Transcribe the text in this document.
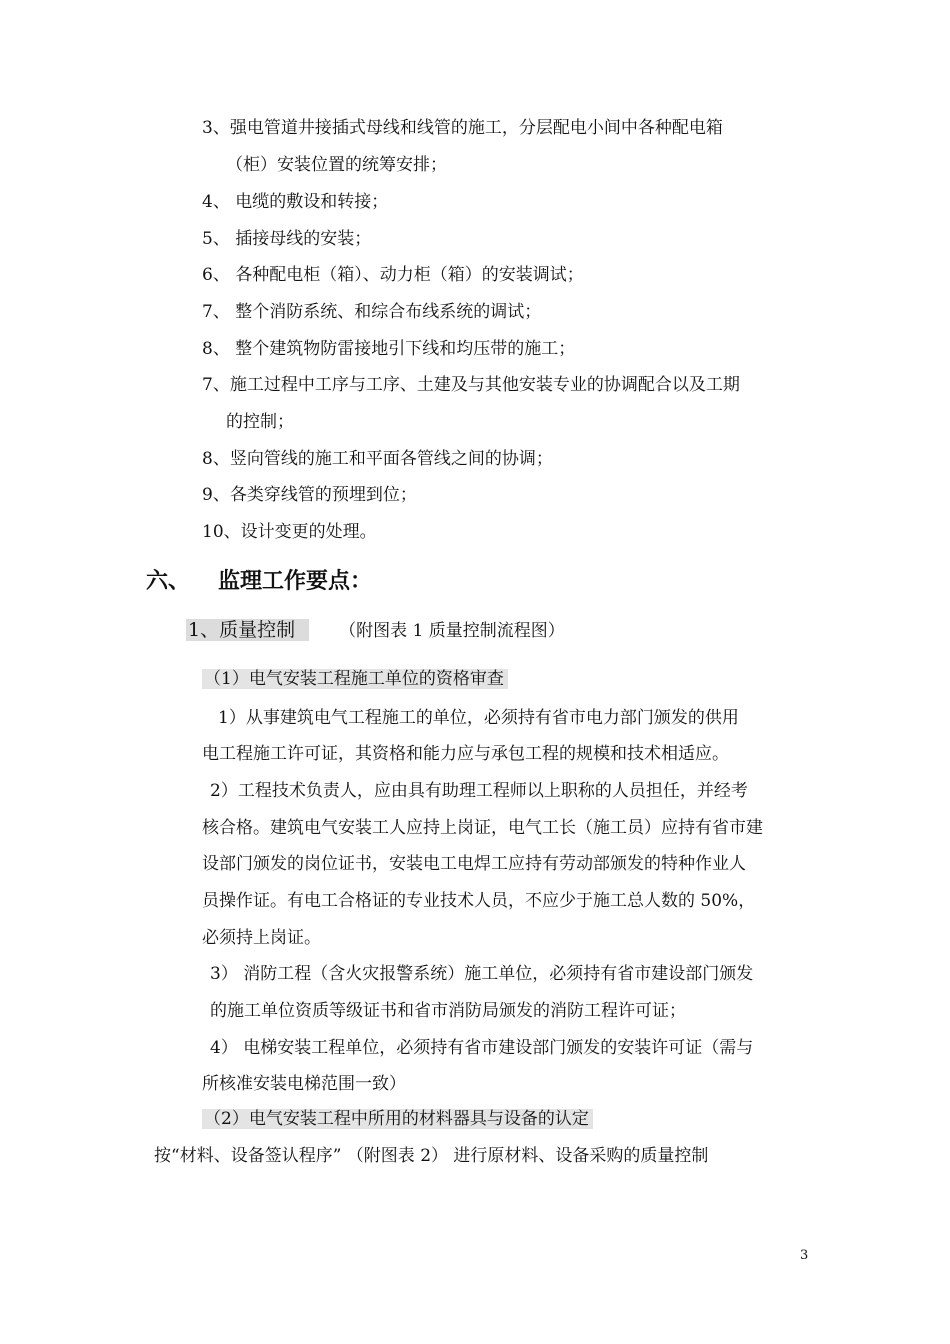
3、强电管道井接插式母线和线管的施工，分层配电小间中各种配电箱
（柜）安装位置的统筹安排；
4、 电缆的敷设和转接；
5、 插接母线的安装；
6、 各种配电柜（箱）、动力柜（箱）的安装调试；
7、 整个消防系统、和综合布线系统的调试；
8、 整个建筑物防雷接地引下线和均压带的施工；
7、施工过程中工序与工序、土建及与其他安装专业的协调配合以及工期
的控制；
8、竖向管线的施工和平面各管线之间的协调；
9、各类穿线管的预埋到位；
10、设计变更的处理。
六、 监理工作要点：
1、质量控制	（附图表 1 质量控制流程图）
（1）电气安装工程施工单位的资格审查
1）从事建筑电气工程施工的单位，必须持有省市电力部门颁发的供用
电工程施工许可证，其资格和能力应与承包工程的规模和技术相适应。
2）工程技术负责人，应由具有助理工程师以上职称的人员担任，并经考
核合格。建筑电气安装工人应持上岗证，电气工长（施工员）应持有省市建
设部门颁发的岗位证书，安装电工电焊工应持有劳动部颁发的特种作业人
员操作证。有电工合格证的专业技术人员，不应少于施工总人数的 50%，
必须持上岗证。
3） 消防工程（含火灾报警系统）施工单位，必须持有省市建设部门颁发
的施工单位资质等级证书和省市消防局颁发的消防工程许可证；
4） 电梯安装工程单位，必须持有省市建设部门颁发的安装许可证（需与
所核准安装电梯范围一致）
（2）电气安装工程中所用的材料器具与设备的认定
按“材料、设备签认程序” （附图表 2） 进行原材料、设备采购的质量控制
3
